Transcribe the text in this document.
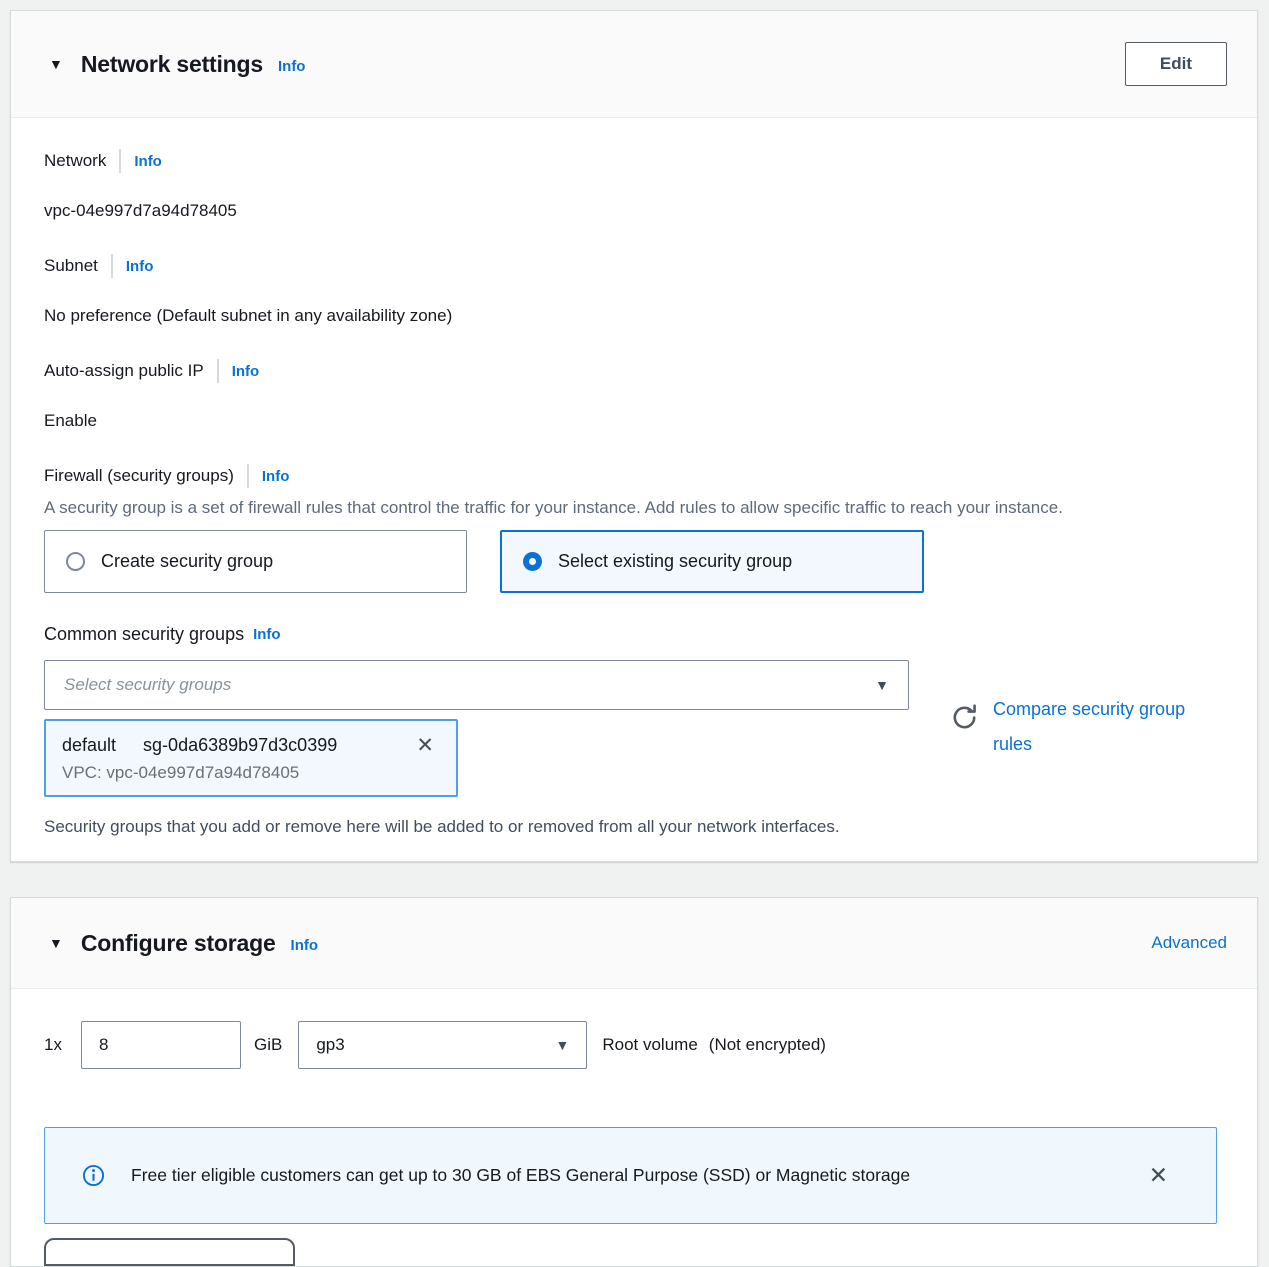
▼ Network settings Info	Edit
Network Info
vpc-04e997d7a94d78405
Subnet Info
No preference (Default subnet in any availability zone)
Auto-assign public IP Info
Enable
Firewall (security groups) Info

A security group is a set of firewall rules that control the traffic for your instance. Add rules to allow specific traffic to reach your instance.

Create security group	Select existing security group
Common security groups Info
Select security groups	▼
default sg-0da6389b97d3c0399	✕
VPC: vpc-04e997d7a94d78405
Compare security group rules
Security groups that you add or remove here will be added to or removed from all your network interfaces.
▼ Configure storage Info	Advanced
1x
8	GiB gp3	▼ Root volume (Not encrypted)
Free tier eligible customers can get up to 30 GB of EBS General Purpose (SSD) or Magnetic storage	✕
